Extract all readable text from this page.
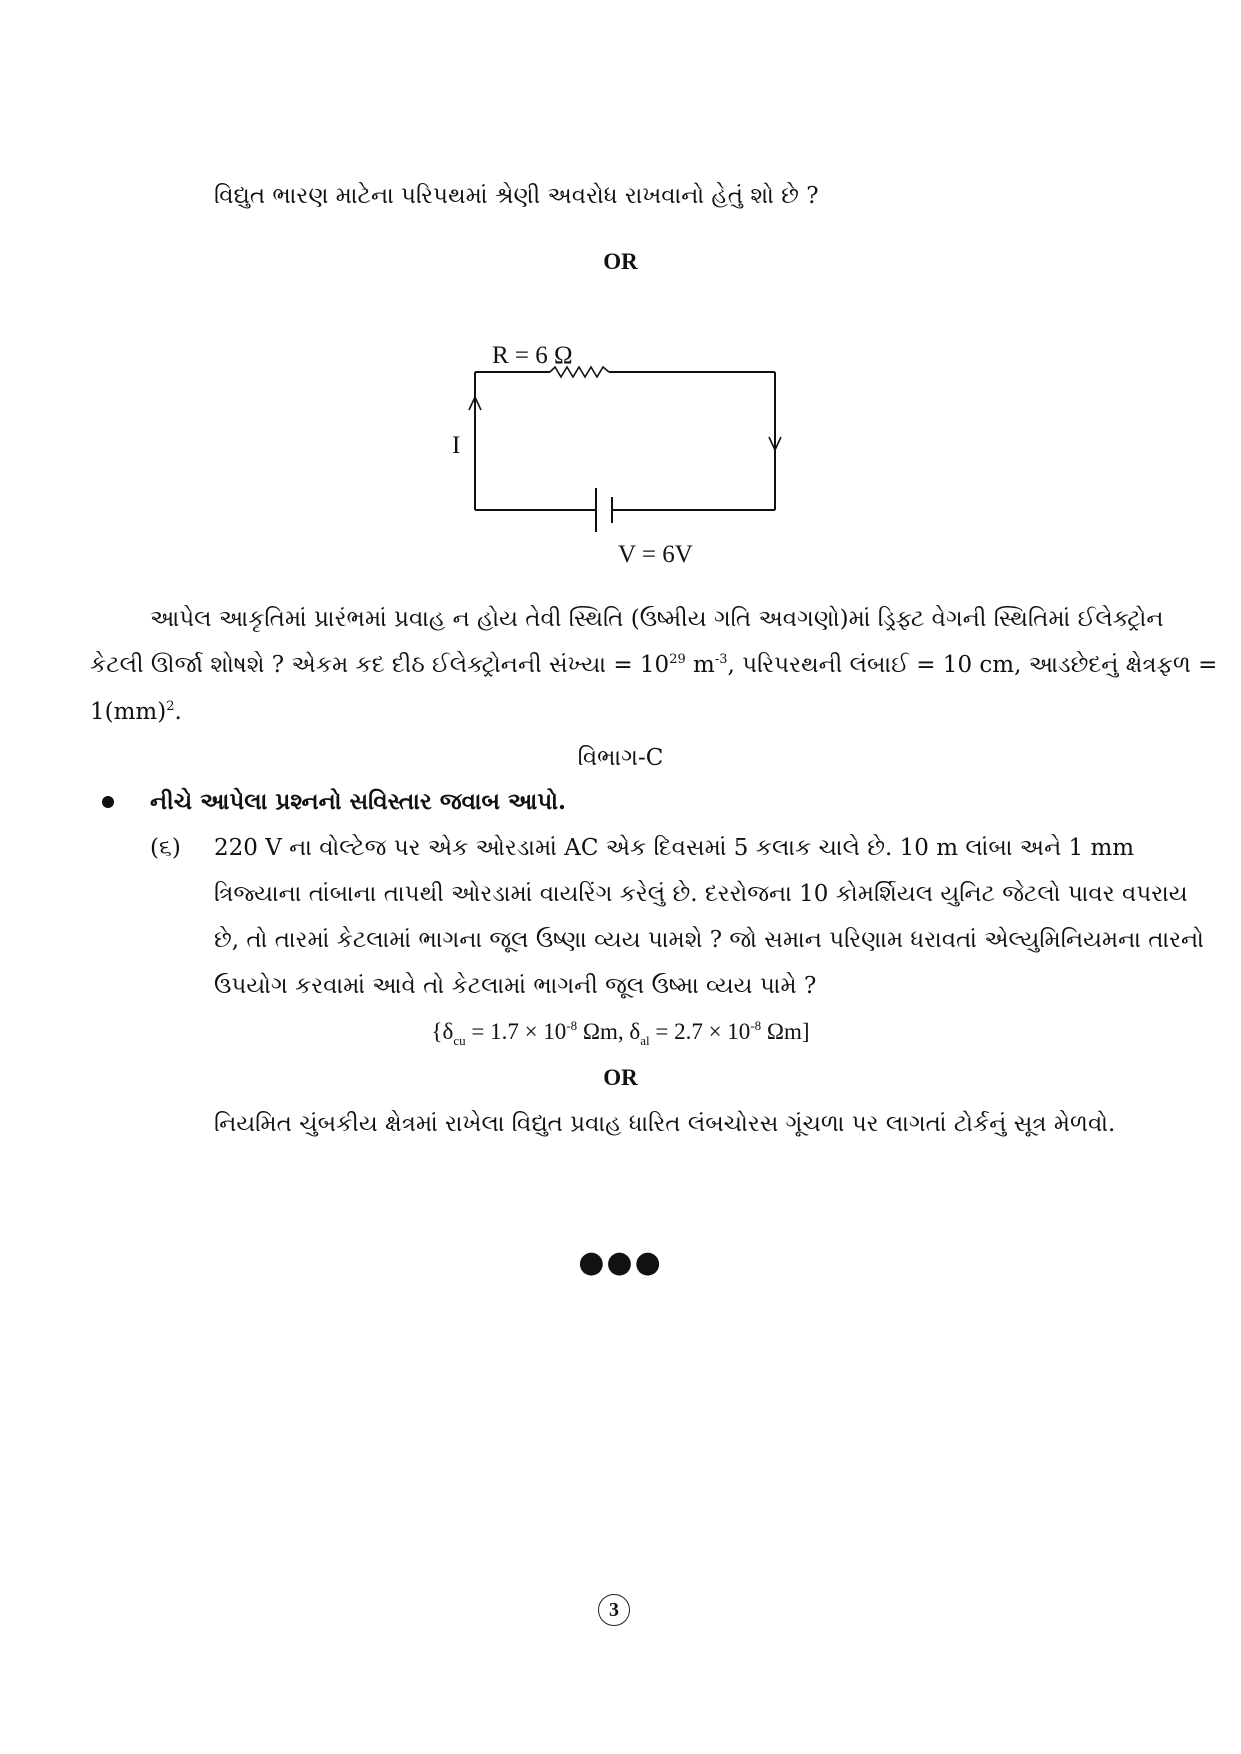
વિદ્યુત ભારણ માટેના પરિપથમાં શ્રેણી અવરોધ રાખવાનો હેતું શો છે ?
OR
R = 6 Ω
I
V = 6V
આપેલ આકૃતિમાં પ્રારંભમાં પ્રવાહ ન હોય તેવી સ્થિતિ (ઉષ્મીય ગતિ અવગણો)માં ડ્રિફ્ટ વેગની સ્થિતિમાં ઈલેક્ટ્રોન
કેટલી ઊર્જા શોષશે ? એકમ કદ દીઠ ઈલેક્ટ્રોનની સંખ્યા = $10^{29}$ $m^{-3}$, પરિપરથની લંબાઈ = 10 cm, આડછેદનું ક્ષેત્રફળ =
1(mm)$^2$.
વિભાગ-C
નીચે આપેલા પ્રશ્નનો સવિસ્તાર જવાબ આપો.
(૬) 220 V ના વોલ્ટેજ પર એક ઓરડામાં AC એક દિવસમાં 5 કલાક ચાલે છે. 10 m લાંબા અને 1 mm
ત્રિજ્યાના તાંબાના તાપથી ઓરડામાં વાયરિંગ કરેલું છે. દરરોજના 10 કોમર્શિયલ યુનિટ જેટલો પાવર વપરાય
છે, તો તારમાં કેટલામાં ભાગના જૂલ ઉષ્ણા વ્યય પામશે ? જો સમાન પરિણામ ધરાવતાં એલ્યુમિનિયમના તારનો
ઉપયોગ કરવામાં આવે તો કેટલામાં ભાગની જૂલ ઉષ્મા વ્યય પામે ?
{$\delta_{cu} = 1.7 \times 10^{-8}$ Ωm, $\delta_{al} = 2.7 \times 10^{-8}$ Ωm]
OR
નિયમિત ચુંબકીય ક્ષેત્રમાં રાખેલા વિદ્યુત પ્રવાહ ધારિત લંબચોરસ ગૂંચળા પર લાગતાં ટોર્કનું સૂત્ર મેળવો.
●●●
3
